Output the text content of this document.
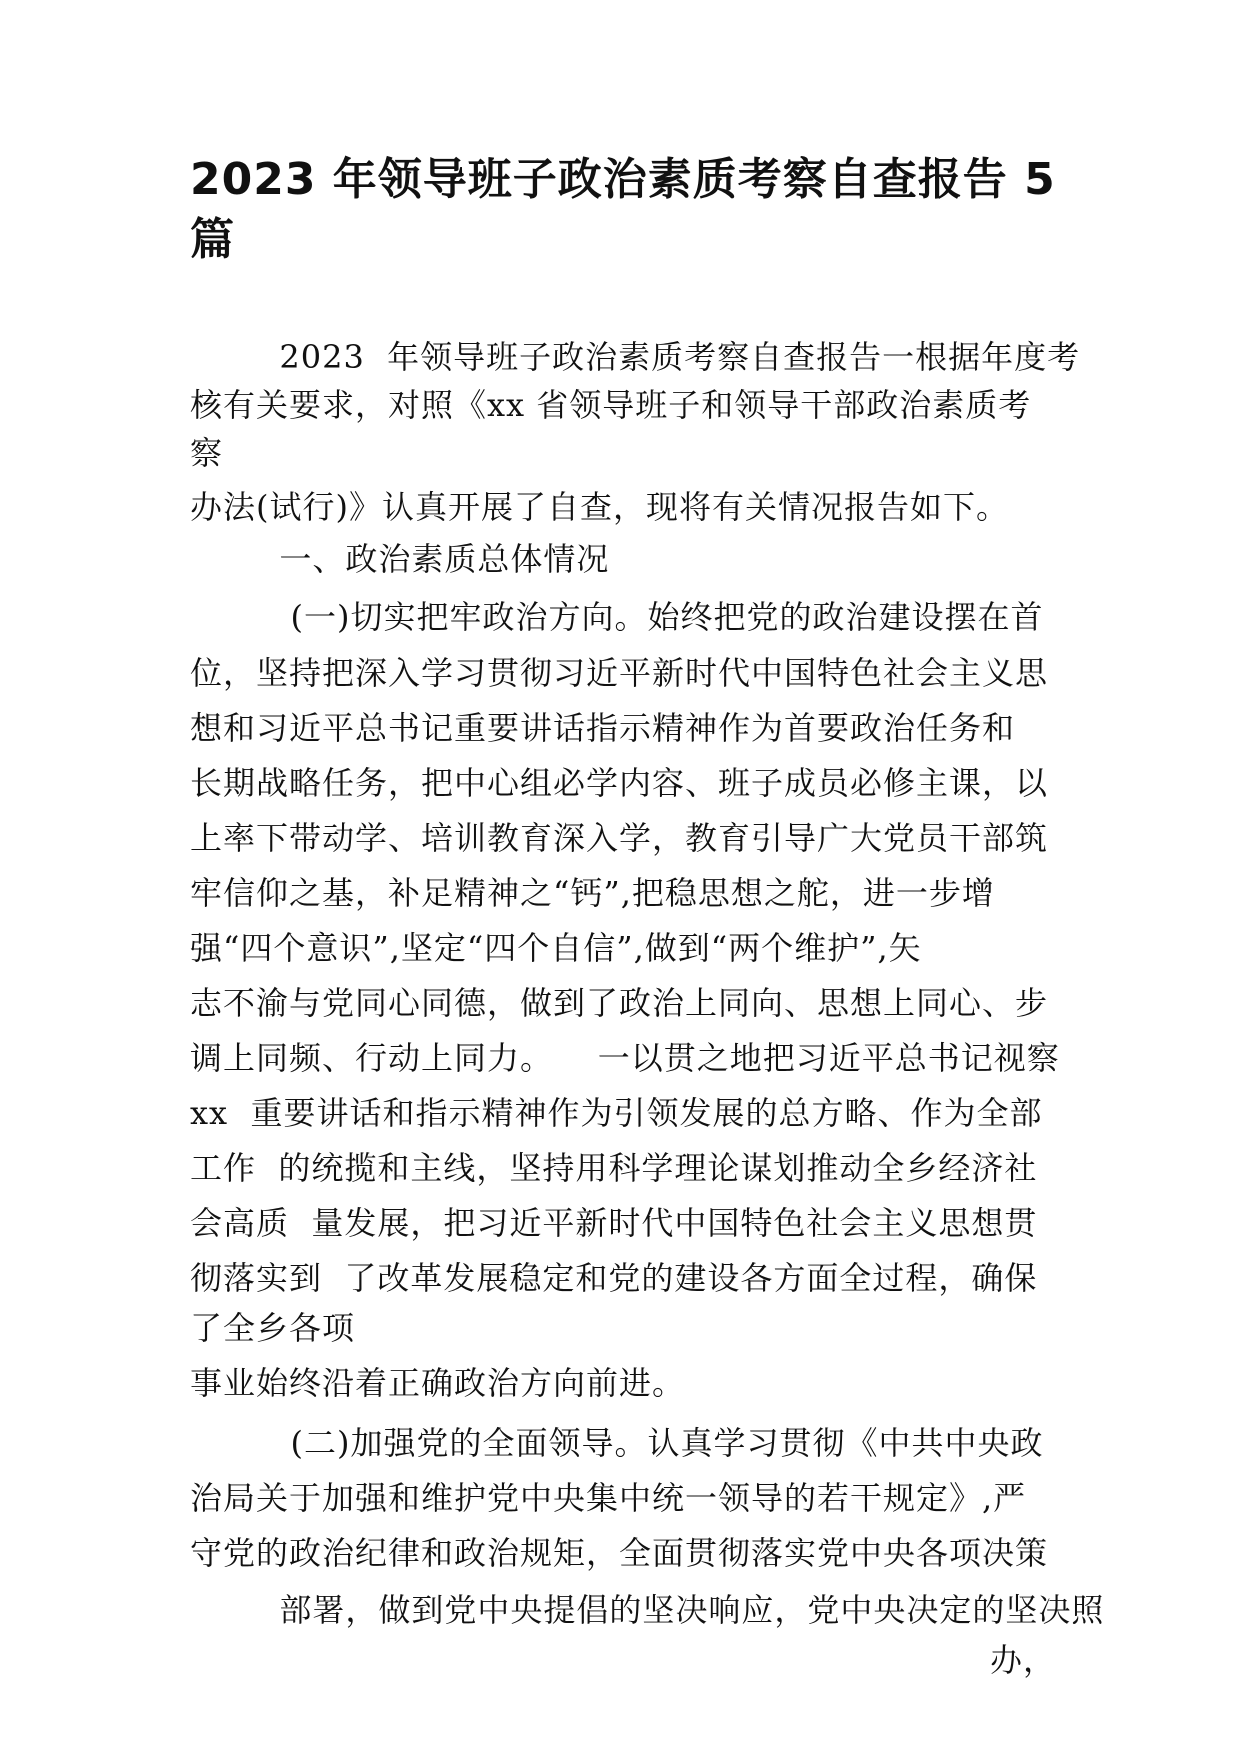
2023 年领导班子政治素质考察自查报告 5
篇
2023  年领导班子政治素质考察自查报告一根据年度考
核有关要求，对照《xx 省领导班子和领导干部政治素质考
察
办法(试行)》认真开展了自查，现将有关情况报告如下。
一、政治素质总体情况
(一)切实把牢政治方向。始终把党的政治建设摆在首
位，坚持把深入学习贯彻习近平新时代中国特色社会主义思
想和习近平总书记重要讲话指示精神作为首要政治任务和
长期战略任务，把中心组必学内容、班子成员必修主课，以
上率下带动学、培训教育深入学，教育引导广大党员干部筑
牢信仰之基，补足精神之“钙”,把稳思想之舵，进一步增
强“四个意识”,坚定“四个自信”,做到“两个维护”,矢
志不渝与党同心同德，做到了政治上同向、思想上同心、步
调上同频、行动上同力。    一以贯之地把习近平总书记视察
xx  重要讲话和指示精神作为引领发展的总方略、作为全部
工作  的统揽和主线，坚持用科学理论谋划推动全乡经济社
会高质  量发展，把习近平新时代中国特色社会主义思想贯
彻落实到  了改革发展稳定和党的建设各方面全过程，确保
了全乡各项
事业始终沿着正确政治方向前进。
(二)加强党的全面领导。认真学习贯彻《中共中央政
治局关于加强和维护党中央集中统一领导的若干规定》,严
守党的政治纪律和政治规矩，全面贯彻落实党中央各项决策
部署，做到党中央提倡的坚决响应，党中央决定的坚决照
办，
